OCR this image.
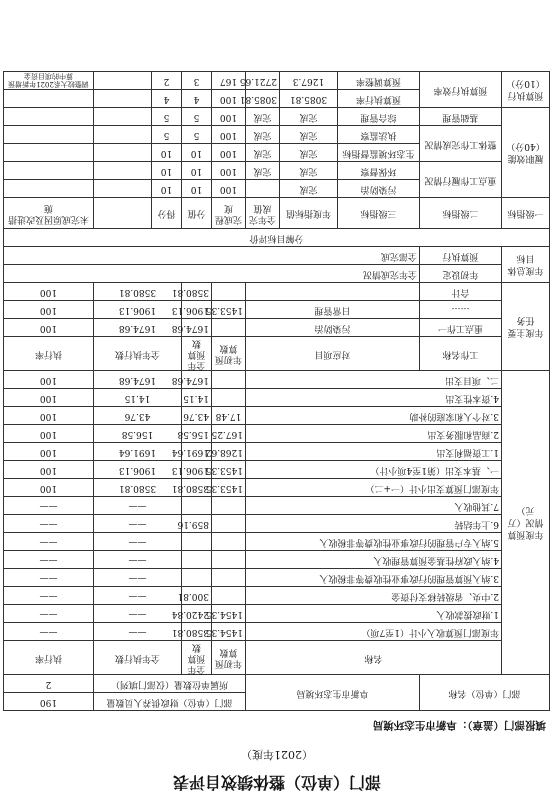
部门（单位）整体绩效自评表
（2021年度）
填报部门（盖章）：阜新市生态环境局
部门（单位）名称		阜新市生态环境局			部门（单位）财政供养人员数量				190
					所属单位数量（仅部门填列）				2
年度预算情况（万元）	名称				年初预算数	全年预算数	全年执行数		执行率
	年度部门预算收入小计（1至7项）				1454.35	3580.81	——		——
	1.财政拨款收入				1454.35	2420.84	——		——
	2.中央、省级转移支付资金					300.81	——		——
	3.纳入预算管理的行政事业性收费等非税收入						——		——
	4.纳入政府性基金预算管理收入						——		——
	5.纳入专户管理的行政事业性收费等非税收入						——		——
	6.上年结转					859.16	——		——
	7.其他收入						——		——
	年度部门预算支出小计（一+二）				1453.35	3580.81	3580.81		100
	一、基本支出（第1至4项小计）				1453.35	1906.13	1906.13		100
	1.工资福利支出				1268.62	1691.64	1691.64		100
	2.商品和服务支出				167.25	156.58	156.58		100
	3.对个人和家庭的补助				17.48	43.76	43.76		100
	4.资本性支出					14.15	14.15		100
	二、项目支出					1674.68	1674.68		100
年度主要任务	工作名称	对应项目			年初预算数	全年预算数	全年执行数		执行率
	重点工作一	污染防治				1674.68	1674.68		100
	……	日常管理			1453.35	1906.13	1906.13		100
	合计					3580.81	3580.81		100
年度总体目标	年初设定	全年完成情况							
	预算执行	全部完成							
分解目标评价									
一级指标	二级指标	三级指标	年度指标值	全年完成值	完成程度	分值	得分		未完成原因及改进措施
履职效能（40分）	重点工作履行情况	污染防治	完成		100	10	10		
		环保督察	完成	完成	100	10	10		
	整体工作完成情况	生态环境监督指标	完成	完成	100	10	10		
		执法监察	完成	完成	100	5	5		
	基础管理	综合管理	完成	完成	100	5	5		
预算执行（10分）	预算执行效率	预算执行率	3085.81	3085.81	100	4	4		
		预算调整率	1267.3	2721.65	167	3	2		调整较大系2021年新增预算中的项目资金
